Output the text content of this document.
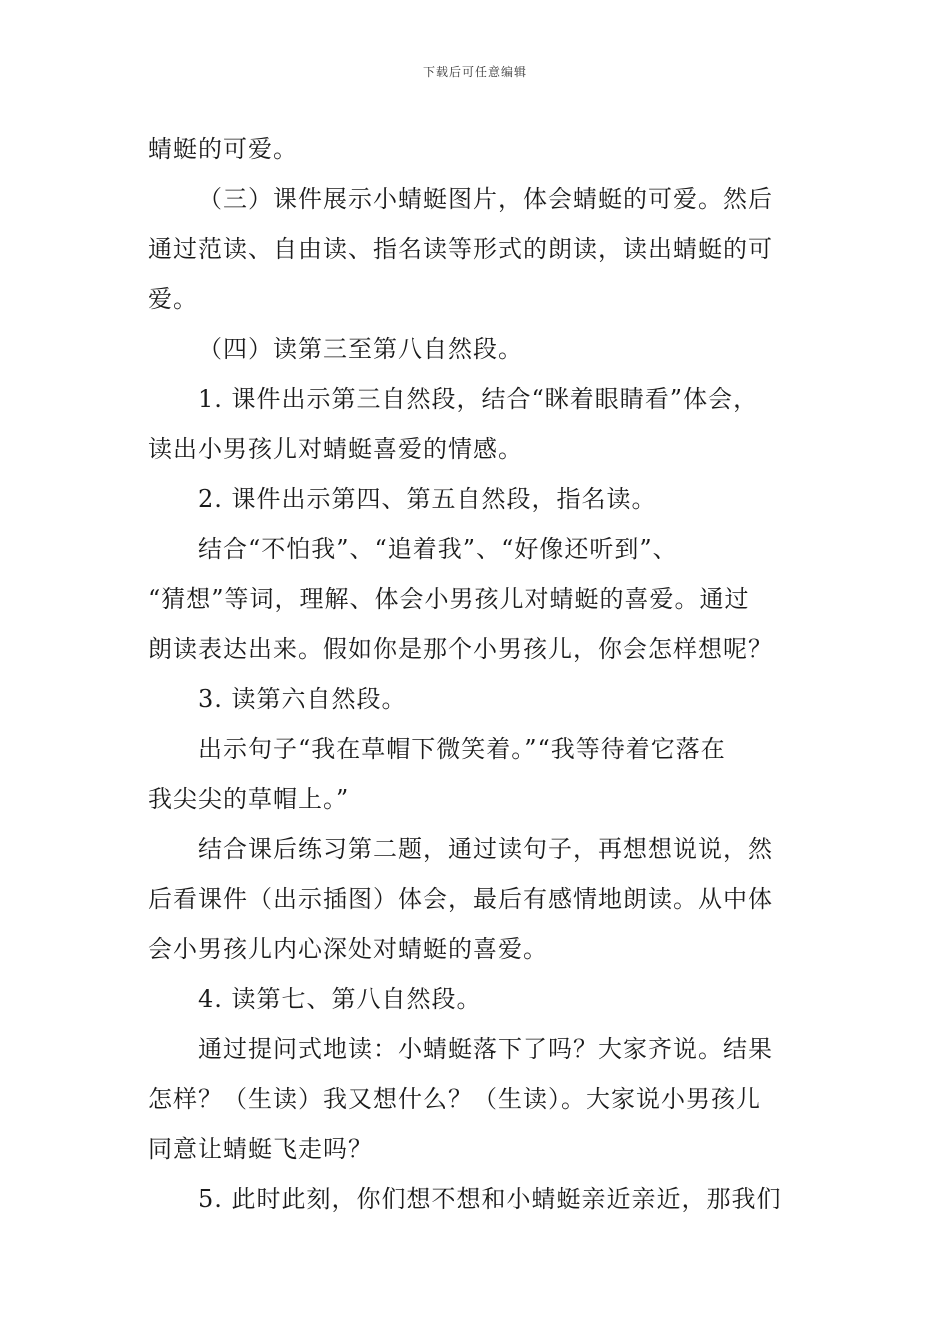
下载后可任意编辑
蜻蜓的可爱。
（三）课件展示小蜻蜓图片，体会蜻蜓的可爱。然后
通过范读、自由读、指名读等形式的朗读，读出蜻蜓的可
爱。
（四）读第三至第八自然段。
1. 课件出示第三自然段，结合“眯着眼睛看”体会，
读出小男孩儿对蜻蜓喜爱的情感。
2. 课件出示第四、第五自然段，指名读。
结合“不怕我”、“追着我”、“好像还听到”、
“猜想”等词，理解、体会小男孩儿对蜻蜓的喜爱。通过
朗读表达出来。假如你是那个小男孩儿，你会怎样想呢？
3. 读第六自然段。
出示句子“我在草帽下微笑着。”“我等待着它落在
我尖尖的草帽上。”
结合课后练习第二题，通过读句子，再想想说说，然
后看课件（出示插图）体会，最后有感情地朗读。从中体
会小男孩儿内心深处对蜻蜓的喜爱。
4. 读第七、第八自然段。
通过提问式地读：小蜻蜓落下了吗？大家齐说。结果
怎样？（生读）我又想什么？（生读）。大家说小男孩儿
同意让蜻蜓飞走吗？
5. 此时此刻，你们想不想和小蜻蜓亲近亲近，那我们
